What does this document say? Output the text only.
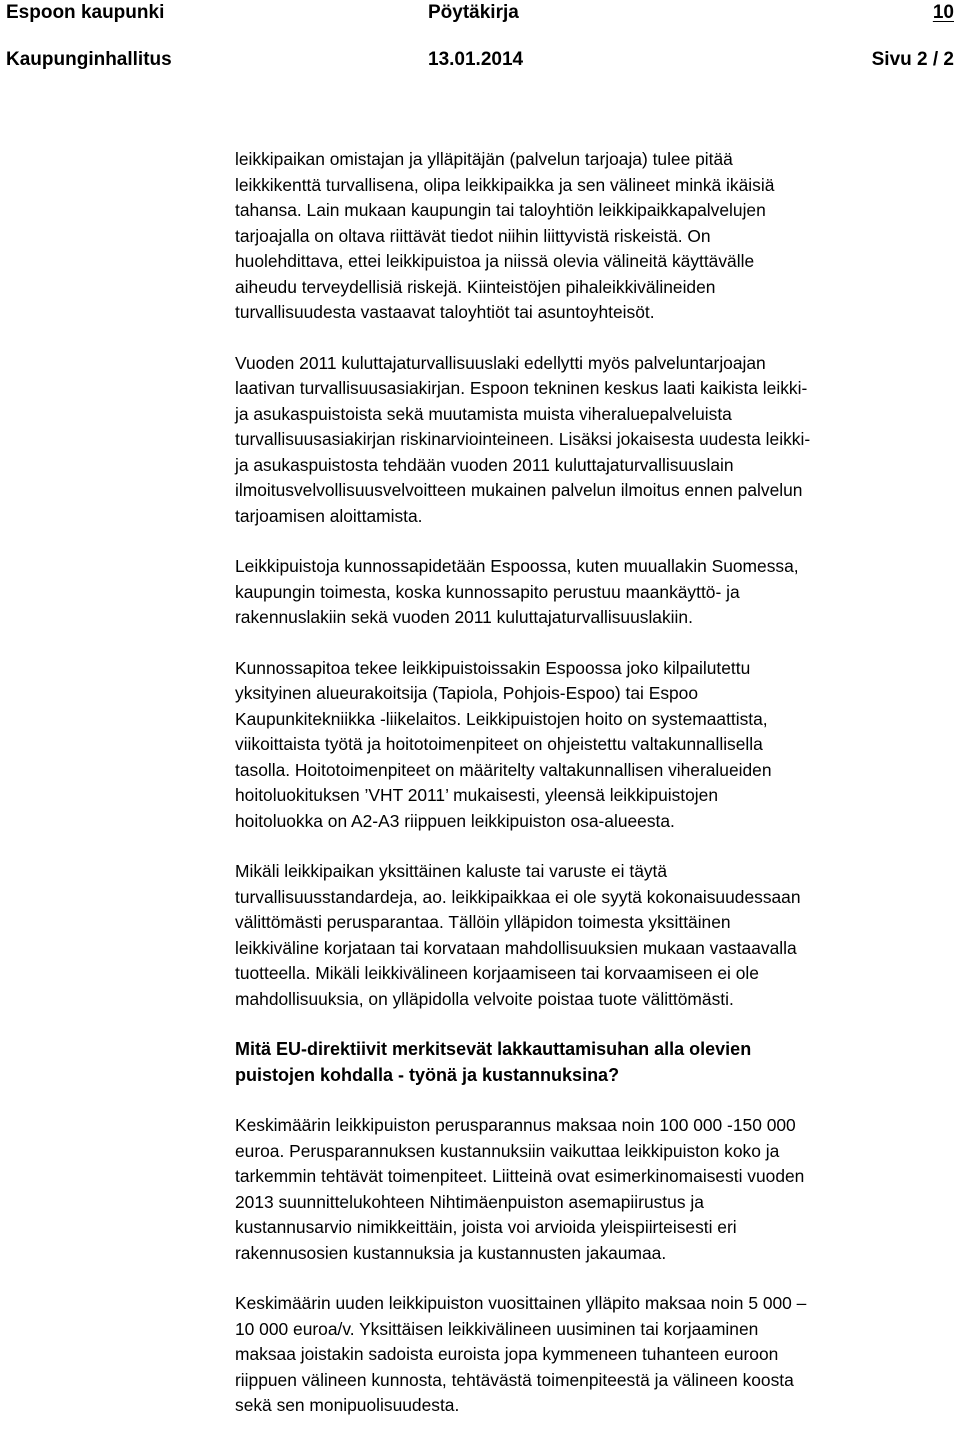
Espoon kaupunki	Pöytäkirja	10
Kaupunginhallitus	13.01.2014	Sivu 2 / 2

leikkipaikan omistajan ja ylläpitäjän (palvelun tarjoaja) tulee pitää
leikkikenttä turvallisena, olipa leikkipaikka ja sen välineet minkä ikäisiä
tahansa. Lain mukaan kaupungin tai taloyhtiön leikkipaikkapalvelujen
tarjoajalla on oltava riittävät tiedot niihin liittyvistä riskeistä. On
huolehdittava, ettei leikkipuistoa ja niissä olevia välineitä käyttävälle
aiheudu terveydellisiä riskejä. Kiinteistöjen pihaleikkivälineiden
turvallisuudesta vastaavat taloyhtiöt tai asuntoyhteisöt.

Vuoden 2011 kuluttajaturvallisuuslaki edellytti myös palveluntarjoajan
laativan turvallisuusasiakirjan. Espoon tekninen keskus laati kaikista leikki-
ja asukaspuistoista sekä muutamista muista viheraluepalveluista
turvallisuusasiakirjan riskinarviointeineen. Lisäksi jokaisesta uudesta leikki-
ja asukaspuistosta tehdään vuoden 2011 kuluttajaturvallisuuslain
ilmoitusvelvollisuusvelvoitteen mukainen palvelun ilmoitus ennen palvelun
tarjoamisen aloittamista.

Leikkipuistoja kunnossapidetään Espoossa, kuten muuallakin Suomessa,
kaupungin toimesta, koska kunnossapito perustuu maankäyttö- ja
rakennuslakiin sekä vuoden 2011 kuluttajaturvallisuuslakiin.

Kunnossapitoa tekee leikkipuistoissakin Espoossa joko kilpailutettu
yksityinen alueurakoitsija (Tapiola, Pohjois-Espoo) tai Espoo
Kaupunkitekniikka -liikelaitos. Leikkipuistojen hoito on systemaattista,
viikoittaista työtä ja hoitotoimenpiteet on ohjeistettu valtakunnallisella
tasolla. Hoitotoimenpiteet on määritelty valtakunnallisen viheralueiden
hoitoluokituksen ’VHT 2011’ mukaisesti, yleensä leikkipuistojen
hoitoluokka on A2-A3 riippuen leikkipuiston osa-alueesta.

Mikäli leikkipaikan yksittäinen kaluste tai varuste ei täytä
turvallisuusstandardeja, ao. leikkipaikkaa ei ole syytä kokonaisuudessaan
välittömästi perusparantaa. Tällöin ylläpidon toimesta yksittäinen
leikkiväline korjataan tai korvataan mahdollisuuksien mukaan vastaavalla
tuotteella. Mikäli leikkivälineen korjaamiseen tai korvaamiseen ei ole
mahdollisuuksia, on ylläpidolla velvoite poistaa tuote välittömästi.

Mitä EU-direktiivit merkitsevät lakkauttamisuhan alla olevien
puistojen kohdalla - työnä ja kustannuksina?

Keskimäärin leikkipuiston perusparannus maksaa noin 100 000 -150 000
euroa. Perusparannuksen kustannuksiin vaikuttaa leikkipuiston koko ja
tarkemmin tehtävät toimenpiteet. Liitteinä ovat esimerkinomaisesti vuoden
2013 suunnittelukohteen Nihtimäenpuiston asemapiirustus ja
kustannusarvio nimikkeittäin, joista voi arvioida yleispiirteisesti eri
rakennusosien kustannuksia ja kustannusten jakaumaa.

Keskimäärin uuden leikkipuiston vuosittainen ylläpito maksaa noin 5 000 –
10 000 euroa/v. Yksittäisen leikkivälineen uusiminen tai korjaaminen
maksaa joistakin sadoista euroista jopa kymmeneen tuhanteen euroon
riippuen välineen kunnosta, tehtävästä toimenpiteestä ja välineen koosta
sekä sen monipuolisuudesta.
